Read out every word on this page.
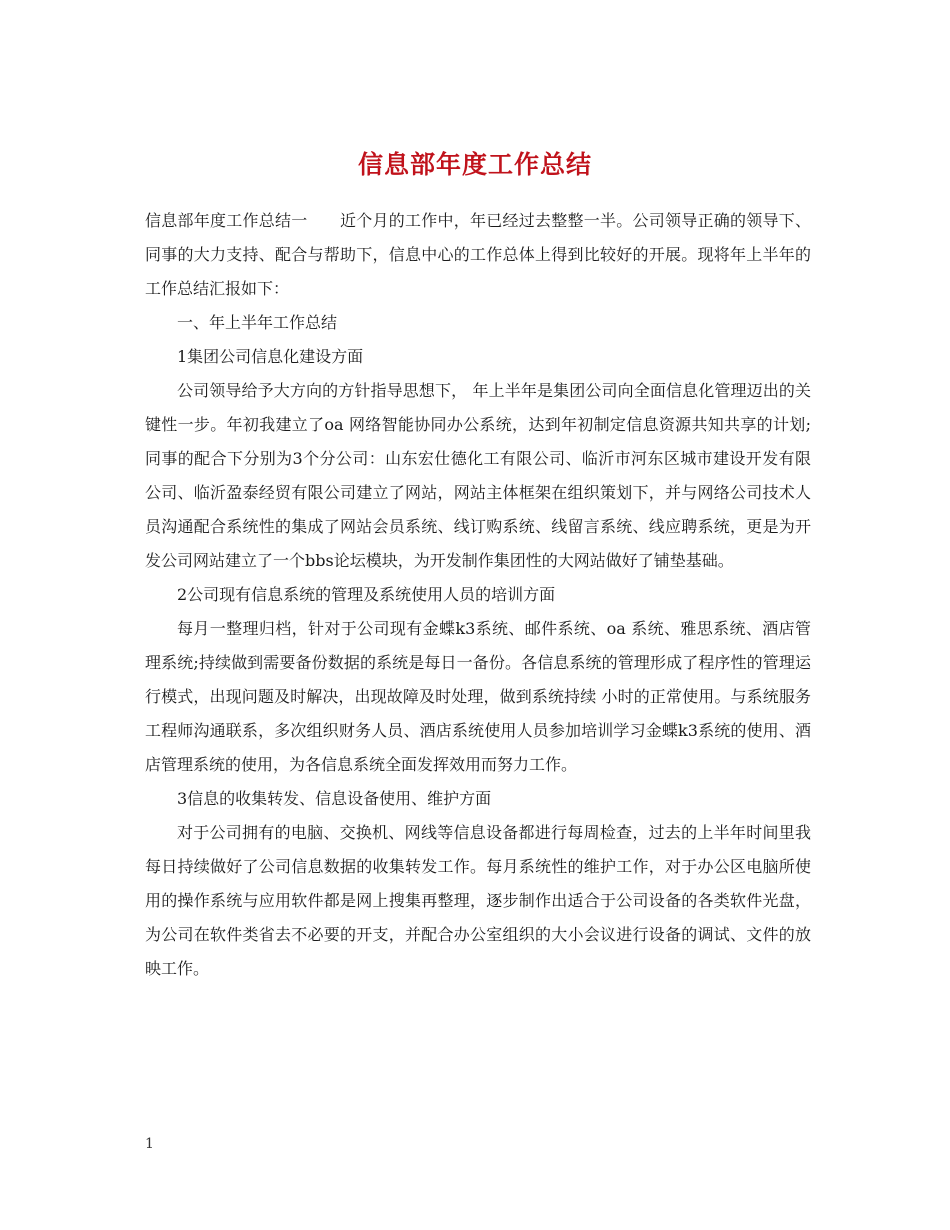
信息部年度工作总结

信息部年度工作总结一　　近个月的工作中，年已经过去整整一半。公司领导正确的领导下、同事的大力支持、配合与帮助下，信息中心的工作总体上得到比较好的开展。现将年上半年的工作总结汇报如下：

一、年上半年工作总结

1集团公司信息化建设方面

公司领导给予大方向的方针指导思想下， 年上半年是集团公司向全面信息化管理迈出的关键性一步。年初我建立了oa 网络智能协同办公系统，达到年初制定信息资源共知共享的计划;同事的配合下分别为3个分公司：山东宏仕德化工有限公司、临沂市河东区城市建设开发有限公司、临沂盈泰经贸有限公司建立了网站，网站主体框架在组织策划下，并与网络公司技术人员沟通配合系统性的集成了网站会员系统、线订购系统、线留言系统、线应聘系统，更是为开发公司网站建立了一个bbs论坛模块，为开发制作集团性的大网站做好了铺垫基础。

2公司现有信息系统的管理及系统使用人员的培训方面

每月一整理归档，针对于公司现有金蝶k3系统、邮件系统、oa 系统、雅思系统、酒店管理系统;持续做到需要备份数据的系统是每日一备份。各信息系统的管理形成了程序性的管理运行模式，出现问题及时解决，出现故障及时处理，做到系统持续 小时的正常使用。与系统服务工程师沟通联系，多次组织财务人员、酒店系统使用人员参加培训学习金蝶k3系统的使用、酒店管理系统的使用，为各信息系统全面发挥效用而努力工作。

3信息的收集转发、信息设备使用、维护方面

对于公司拥有的电脑、交换机、网线等信息设备都进行每周检查，过去的上半年时间里我每日持续做好了公司信息数据的收集转发工作。每月系统性的维护工作，对于办公区电脑所使用的操作系统与应用软件都是网上搜集再整理，逐步制作出适合于公司设备的各类软件光盘，为公司在软件类省去不必要的开支，并配合办公室组织的大小会议进行设备的调试、文件的放映工作。

1
